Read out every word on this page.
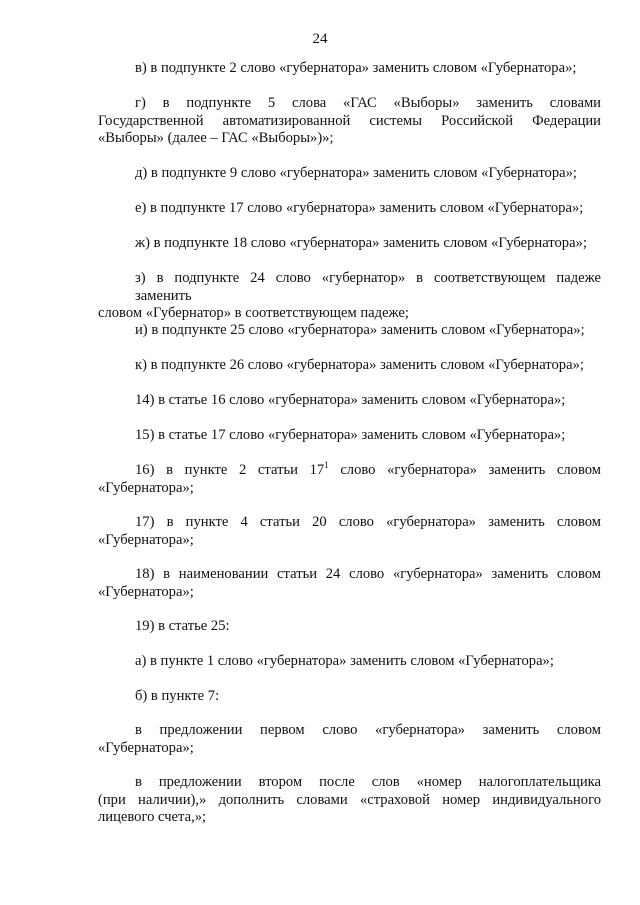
24
в) в подпункте 2 слово «губернатора» заменить словом «Губернатора»;
г) в подпункте 5 слова «ГАС «Выборы» заменить словами
Государственной автоматизированной системы Российской Федерации
«Выборы» (далее – ГАС «Выборы»)»;
д) в подпункте 9 слово «губернатора» заменить словом «Губернатора»;
е) в подпункте 17 слово «губернатора» заменить словом «Губернатора»;
ж) в подпункте 18 слово «губернатора» заменить словом «Губернатора»;
з) в подпункте 24 слово «губернатор» в соответствующем падеже заменить
словом «Губернатор» в соответствующем падеже;
и) в подпункте 25 слово «губернатора» заменить словом «Губернатора»;
к) в подпункте 26 слово «губернатора» заменить словом «Губернатора»;
14) в статье 16 слово «губернатора» заменить словом «Губернатора»;
15) в статье 17 слово «губернатора» заменить словом «Губернатора»;
16) в пункте 2 статьи $17^1$ слово «губернатора» заменить словом
«Губернатора»;
17) в пункте 4 статьи 20 слово «губернатора» заменить словом
«Губернатора»;
18) в наименовании статьи 24 слово «губернатора» заменить словом
«Губернатора»;
19) в статье 25:
а) в пункте 1 слово «губернатора» заменить словом «Губернатора»;
б) в пункте 7:
в предложении первом слово «губернатора» заменить словом
«Губернатора»;
в предложении втором после слов «номер налогоплательщика
(при наличии),» дополнить словами «страховой номер индивидуального
лицевого счета,»;
